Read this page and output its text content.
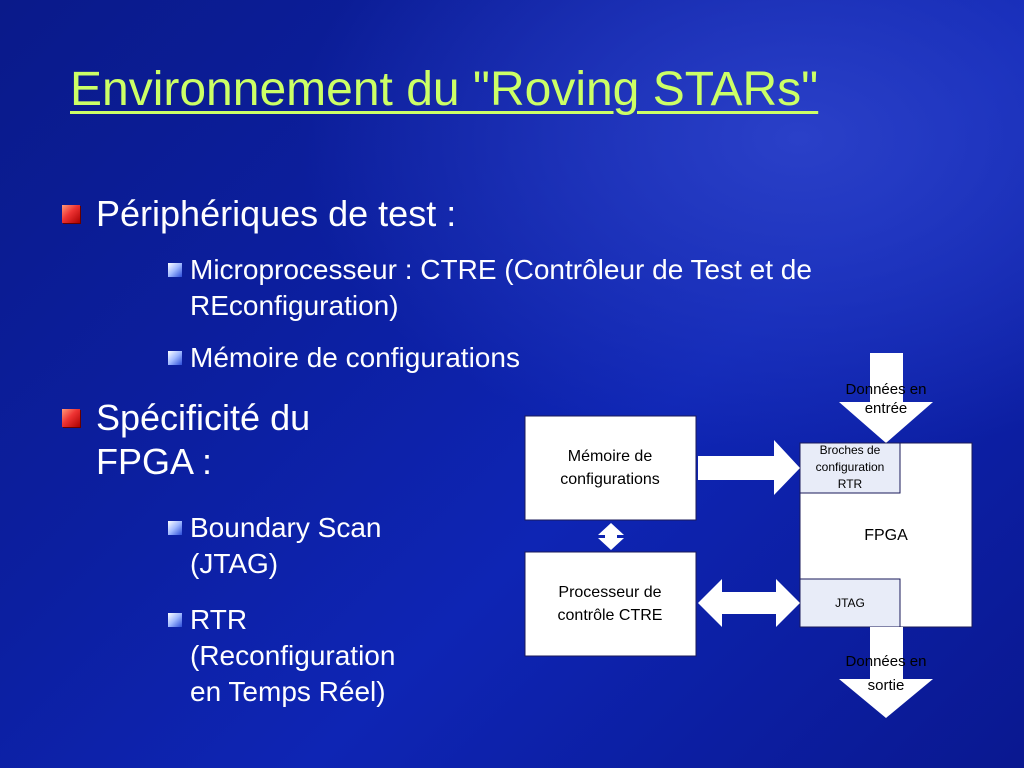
Environnement du "Roving STARs"
Périphériques de test :
Microprocesseur : CTRE (Contrôleur de Test et de REconfiguration)
Mémoire de configurations
Spécificité du
FPGA :
Boundary Scan
(JTAG)
RTR
(Reconfiguration
en Temps Réel)
Données en
entrée
FPGA
Broches de
configuration
RTR
JTAG
Données en
sortie
Mémoire de
configurations
Processeur de
contrôle CTRE
